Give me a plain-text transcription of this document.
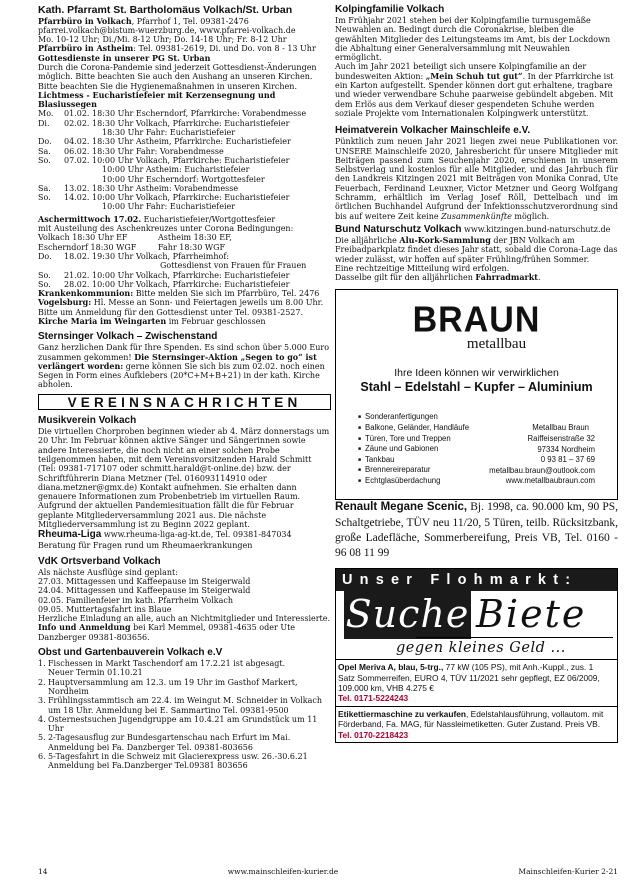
Kath. Pfarramt St. Bartholomäus Volkach/St. Urban

Pfarrbüro in Volkach, Pfarrhof 1, Tel. 09381-2476

pfarrei.volkach@bistum-wuerzburg.de, www.pfarrei-volkach.de

Mo. 10-12 Uhr; Di./Mi. 8-12 Uhr; Do. 14-18 Uhr; Fr. 8-12 Uhr

Pfarrbüro in Astheim: Tel. 09381-2619, Di. und Do. von 8 - 13 Uhr

Gottesdienste in unserer PG St. Urban

Durch die Corona-Pandemie sind jederzeit Gottesdienst-Änderungen möglich. Bitte beachten Sie auch den Aushang an unseren Kirchen. Bitte beachten Sie die Hygienemaßnahmen in unseren Kirchen.

Lichtmess - Eucharistiefeier mit Kerzensegnung und Blasiussegen

Mo.	01.02. 18:30 Uhr Escherndorf, Pfarrkirche: Vorabendmesse
Di.	02.02. 18:30 Uhr Volkach, Pfarrkirche: Eucharistiefeier
18:30 Uhr Fahr: Eucharistiefeier
Do.	04.02. 18:30 Uhr Astheim, Pfarrkirche: Eucharistiefeier
Sa.	06.02. 18:30 Uhr Fahr: Vorabendmesse
So.	07.02. 10:00 Uhr Volkach, Pfarrkirche: Eucharistiefeier
10:00 Uhr Astheim: Eucharistiefeier
10:00 Uhr Escherndorf: Wortgottesfeier
Sa.	13.02. 18:30 Uhr Astheim: Vorabendmesse
So.	14.02. 10:00 Uhr Volkach, Pfarrkirche: Eucharistiefeier
10:00 Uhr Fahr: Eucharistiefeier

Aschermittwoch 17.02. Eucharistiefeier/Wortgottesfeier

mit Austeilung des Aschenkreuzes unter Corona Bedingungen:

Volkach 18:30 Uhr EF	Astheim 18:30 EF,
Escherndorf 18:30 WGF	Fahr 18:30 WGF
Do.	18.02. 19:30 Uhr Volkach, Pfarrheimhof:
Gottesdienst von Frauen für Frauen
So.	21.02. 10:00 Uhr Volkach, Pfarrkirche: Eucharistiefeier
So.	28.02. 10:00 Uhr Volkach, Pfarrkirche: Eucharistiefeier

Krankenkommunion: Bitte melden Sie sich im Pfarrbüro, Tel. 2476

Vogelsburg: Hl. Messe an Sonn- und Feiertagen jeweils um 8.00 Uhr. Bitte um Anmeldung für den Gottesdienst unter Tel. 09381-2527.

Kirche Maria im Weingarten im Februar geschlossen

Sternsinger Volkach – Zwischenstand

Ganz herzlichen Dank für Ihre Spenden. Es sind schon über 5.000 Euro zusammen gekommen! Die Sternsinger-Aktion „Segen to go“ ist verlängert worden: gerne können Sie sich bis zum 02.02. noch einen Segen in Form eines Aufklebers (20*C+M+B+21) in der kath. Kirche abholen.

VEREINSNACHRICHTEN
Musikverein Volkach

Die virtuellen Chorproben beginnen wieder ab 4. März donnerstags um 20 Uhr. Im Februar können aktive Sänger und Sängerinnen sowie andere Interessierte, die noch nicht an einer solchen Probe teilgenommen haben, mit dem Vereinsvorsitzenden Harald Schmitt (Tel: 09381-717107 oder schmitt.harald@t-online.de) bzw. der Schriftführerin Diana Metzner (Tel. 016093114910 oder diana.metzner@gmx.de) Kontakt aufnehmen. Sie erhalten dann genauere Informationen zum Probenbetrieb im virtuellen Raum.

Aufgrund der aktuellen Pandemiesituation fällt die für Februar geplante Mitgliederversammlung 2021 aus. Die nächste Mitgliederversammlung ist zu Beginn 2022 geplant.

Rheuma-Liga www.rheuma-liga-ag-kt.de, Tel. 09381-847034

Beratung für Fragen rund um Rheumaerkrankungen

VdK Ortsverband Volkach

Als nächste Ausflüge sind geplant:

27.03. Mittagessen und Kaffeepause im Steigerwald

24.04. Mittagessen und Kaffeepause im Steigerwald

02.05. Familienfeier im kath. Pfarrheim Volkach

09.05. Muttertagsfahrt ins Blaue

Herzliche Einladung an alle, auch an Nichtmitglieder und Interessierte.

Info und Anmeldung bei Karl Memmel, 09381-4635 oder Ute Danzberger 09381-803656.

Obst und Gartenbauverein Volkach e.V
1. Fischessen in Markt Taschendorf am 17.2.21 ist abgesagt.
Neuer Termin 01.10.21
2. Hauptversammlung am 12.3. um 19 Uhr im Gasthof Markert, Nordheim
3. Frühlingsstammtisch am 22.4. im Weingut M. Schneider in Volkach
um 18 Uhr. Anmeldung bei E. Sammartino Tel. 09381-9500
4. Osternestsuchen Jugendgruppe am 10.4.21 am Grundstück um 11 Uhr
5. 2-Tagesausflug zur Bundesgartenschau nach Erfurt im Mai.
Anmeldung bei Fa. Danzberger Tel. 09381-803656
6. 5-Tagesfahrt in die Schweiz mit Glacierexpress usw. 26.-30.6.21
Anmeldung bei Fa.Danzberger Tel.09381 803656
Kolpingfamilie Volkach

Im Frühjahr 2021 stehen bei der Kolpingfamilie turnusgemäße Neuwahlen an. Bedingt durch die Coronakrise, bleiben die gewählten Mitglieder des Leitungsteams im Amt, bis der Lockdown die Abhaltung einer Generalversammlung mit Neuwahlen ermöglicht.

Auch im Jahr 2021 beteiligt sich unsere Kolpingfamilie an der bundesweiten Aktion: „Mein Schuh tut gut“. In der Pfarrkirche ist ein Karton aufgestellt. Spender können dort gut erhaltene, tragbare und wieder verwendbare Schuhe paarweise gebündelt abgeben. Mit dem Erlös aus dem Verkauf dieser gespendeten Schuhe werden soziale Projekte vom Internationalen Kolpingwerk unterstützt.

Heimatverein Volkacher Mainschleife e.V.

Pünktlich zum neuen Jahr 2021 liegen zwei neue Publikationen vor. UNSERE Mainschleife 2020, Jahresbericht für unsere Mitglieder mit Beiträgen passend zum Seuchenjahr 2020, erschienen in unserem Selbstverlag und kostenlos für alle Mitglieder, und das Jahrbuch für den Landkreis Kitzingen 2021 mit Beiträgen von Monika Conrad, Ute Feuerbach, Ferdinand Leuxner, Victor Metzner und Georg Wolfgang Schramm, erhältlich im Verlag Josef Röll, Dettelbach und im örtlichen Buchhandel Aufgrund der Infektionsschutzverordnung sind bis auf weitere Zeit keine Zusammenkünfte möglich.

Bund Naturschutz Volkach www.kitzingen.bund-naturschutz.de

Die alljährliche Alu-Kork-Sammlung der JBN Volkach am Freibadparkplatz findet dieses Jahr statt, sobald die Corona-Lage das wieder zulässt, wir hoffen auf später Frühling/frühen Sommer.

Eine rechtzeitige Mitteilung wird erfolgen.

Dasselbe gilt für den alljährlichen Fahrradmarkt.

BRAUN
metallbau
Ihre Ideen können wir verwirklichen
Stahl – Edelstahl – Kupfer – Aluminium
■ Sonderanfertigungen
■ Balkone, Geländer, Handläufe
■ Türen, Tore und Treppen
■ Zäune und Gabionen
■ Tankbau
■ Brennereireparatur
■ Echtglasüberdachung
Metallbau Braun
Raiffeisenstraße 32
97334 Nordheim
0 93 81 – 37 69
metallbau.braun@outlook.com
www.metallbaubraun.com

Renault Megane Scenic, Bj. 1998, ca. 90.000 km, 90 PS, Schaltgetriebe, TÜV neu 11/20, 5 Türen, teilb. Rücksitzbank, große Ladefläche, Sommerbereifung, Preis VB, Tel. 0160 - 96 08 11 99

Unser Flohmarkt:
Suche Biete
gegen kleines Geld ...
Opel Meriva A, blau, 5-trg., 77 kW (105 PS), mit Anh.-Kuppl., zus. 1 Satz Sommerreifen, EURO 4, TÜV 11/2021 sehr gepflegt, EZ 06/2009, 109.000 km, VHB 4.275 €
Tel. 0171-5224243
Etikettiermaschine zu verkaufen, Edelstahlausführung, vollautom. mit Förderband, Fa. MAG, für Nassleimetiketten. Guter Zustand. Preis VB. Tel. 0170-2218423
14	www.mainschleifen-kurier.de	Mainschleifen-Kurier 2-21
